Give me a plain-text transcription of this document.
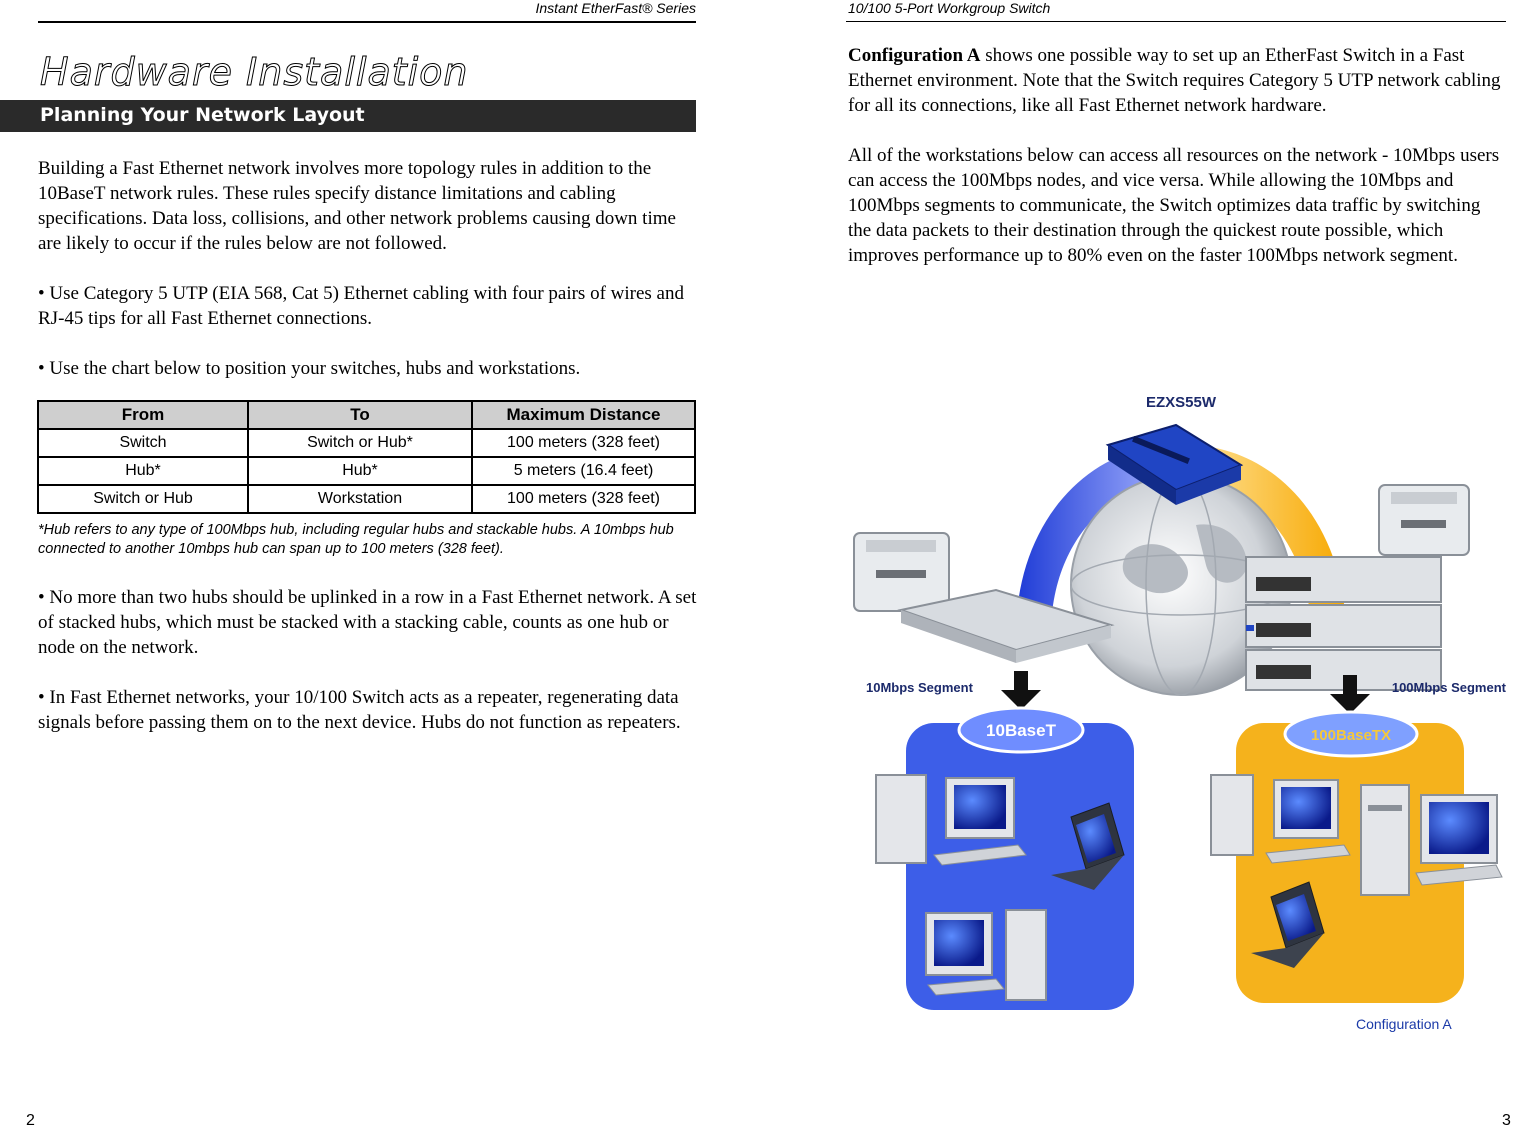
Instant EtherFast® Series
Hardware Installation
Planning Your Network Layout

Building a Fast Ethernet network involves more topology rules in addition to the 10BaseT network rules. These rules specify distance limitations and cabling specifications. Data loss, collisions, and other network problems causing down time are likely to occur if the rules below are not followed.

• Use Category 5 UTP (EIA 568, Cat 5) Ethernet cabling with four pairs of wires and RJ-45 tips for all Fast Ethernet connections.

• Use the chart below to position your switches, hubs and workstations.

From	To	Maximum Distance
Switch	Switch or Hub*	100 meters (328 feet)
Hub*	Hub*	5 meters (16.4 feet)
Switch or Hub	Workstation	100 meters (328 feet)
*Hub refers to any type of 100Mbps hub, including regular hubs and stackable hubs. A 10mbps hub connected to another 10mbps hub can span up to 100 meters (328 feet).

• No more than two hubs should be uplinked in a row in a Fast Ethernet network. A set of stacked hubs, which must be stacked with a stacking cable, counts as one hub or node on the network.

• In Fast Ethernet networks, your 10/100 Switch acts as a repeater, regenerating data signals before passing them on to the next device. Hubs do not function as repeaters.

2
10/100 5-Port Workgroup Switch

Configuration A shows one possible way to set up an EtherFast Switch in a Fast Ethernet environment. Note that the Switch requires Category 5 UTP network cabling for all its connections, like all Fast Ethernet network hardware.

All of the workstations below can access all resources on the network - 10Mbps users can access the 100Mbps nodes, and vice versa. While allowing the 10Mbps and 100Mbps segments to communicate, the Switch optimizes data traffic by switching the data packets to their destination through the quickest route possible, which improves performance up to 80% even on the faster 100Mbps network segment.

EZXS55W
10Mbps Segment	100Mbps Segment
10BaseT	100BaseTX
Configuration A
3
